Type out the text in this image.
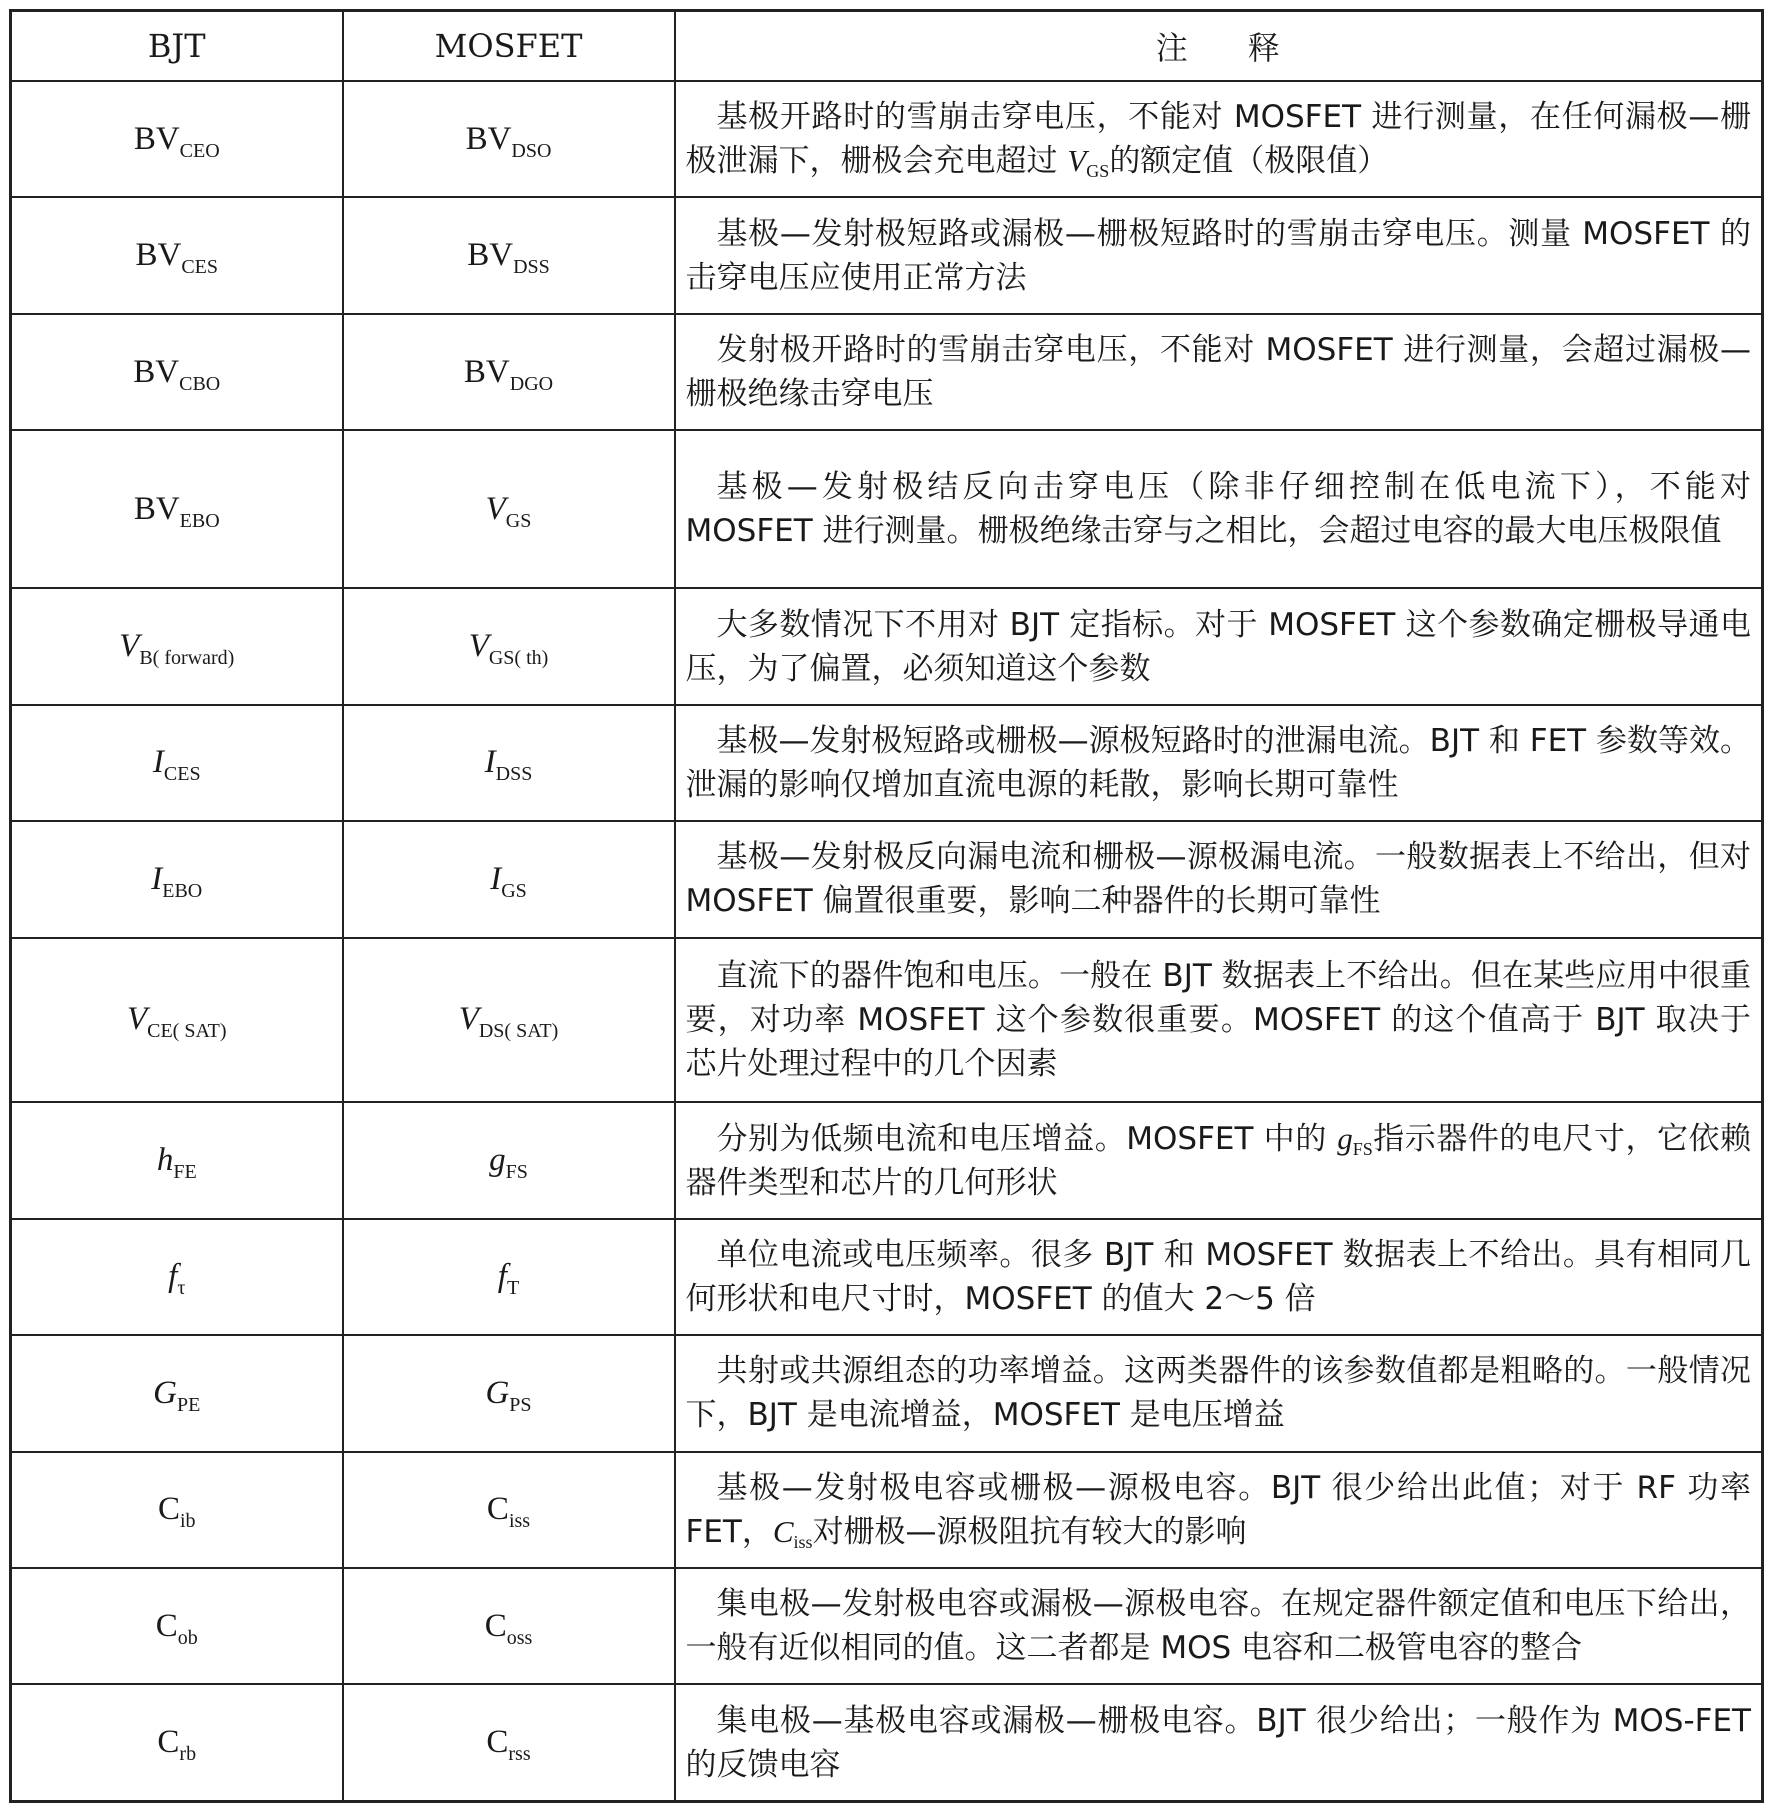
BJT	MOSFET	注释
$BV_{CEO}$	$BV_{DSO}$	基极开路时的雪崩击穿电压，不能对 MOSFET 进行测量，在任何漏极—栅极泄漏下，栅极会充电超过 $V_{GS}$的额定值（极限值）
$BV_{CES}$	$BV_{DSS}$	基极—发射极短路或漏极—栅极短路时的雪崩击穿电压。测量 MOSFET 的击穿电压应使用正常方法
$BV_{CBO}$	$BV_{DGO}$	发射极开路时的雪崩击穿电压，不能对 MOSFET 进行测量，会超过漏极—栅极绝缘击穿电压
$BV_{EBO}$	$V_{GS}$	基极—发射极结反向击穿电压（除非仔细控制在低电流下），不能对 MOSFET 进行测量。栅极绝缘击穿与之相比，会超过电容的最大电压极限值
$V_{B( forward)}$	$V_{GS( th)}$	大多数情况下不用对 BJT 定指标。对于 MOSFET 这个参数确定栅极导通电压，为了偏置，必须知道这个参数
$I_{CES}$	$I_{DSS}$	基极—发射极短路或栅极—源极短路时的泄漏电流。BJT 和 FET 参数等效。泄漏的影响仅增加直流电源的耗散，影响长期可靠性
$I_{EBO}$	$I_{GS}$	基极—发射极反向漏电流和栅极—源极漏电流。一般数据表上不给出，但对 MOSFET 偏置很重要，影响二种器件的长期可靠性
$V_{CE( SAT)}$	$V_{DS( SAT)}$	直流下的器件饱和电压。一般在 BJT 数据表上不给出。但在某些应用中很重要，对功率 MOSFET 这个参数很重要。MOSFET 的这个值高于 BJT 取决于芯片处理过程中的几个因素
$h_{FE}$	$g_{FS}$	分别为低频电流和电压增益。MOSFET 中的 $g_{FS}$指示器件的电尺寸，它依赖器件类型和芯片的几何形状
$f_\tau$	$f_T$	单位电流或电压频率。很多 BJT 和 MOSFET 数据表上不给出。具有相同几何形状和电尺寸时，MOSFET 的值大 2～5 倍
$G_{PE}$	$G_{PS}$	共射或共源组态的功率增益。这两类器件的该参数值都是粗略的。一般情况下，BJT 是电流增益，MOSFET 是电压增益
$C_{ib}$	$C_{iss}$	基极—发射极电容或栅极—源极电容。BJT 很少给出此值；对于 RF 功率 FET，$C_{iss}$对栅极—源极阻抗有较大的影响
$C_{ob}$	$C_{oss}$	集电极—发射极电容或漏极—源极电容。在规定器件额定值和电压下给出，一般有近似相同的值。这二者都是 MOS 电容和二极管电容的整合
$C_{rb}$	$C_{rss}$	集电极—基极电容或漏极—栅极电容。BJT 很少给出；一般作为 MOS-FET 的反馈电容
